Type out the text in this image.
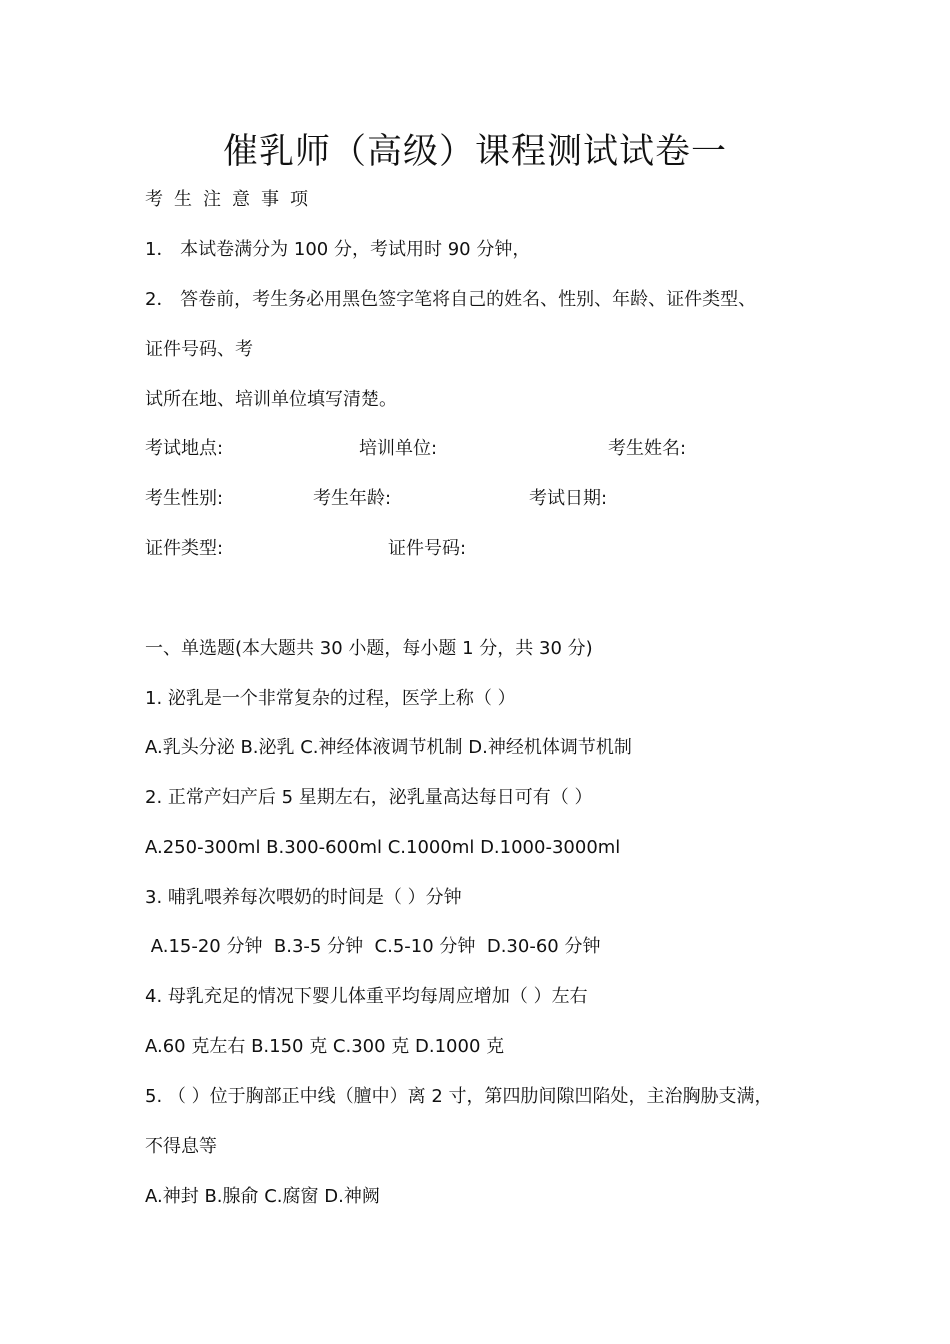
催乳师（高级）课程测试试卷一
考生注意事项
1． 本试卷满分为 100 分，考试用时 90 分钟，
2． 答卷前，考生务必用黑色签字笔将自己的姓名、性别、年龄、证件类型、
证件号码、考
试所在地、培训单位填写清楚。
考试地点:	培训单位:	考生姓名:
考生性别:	考生年龄:	考试日期:
证件类型:	证件号码:
一、单选题(本大题共 30 小题，每小题 1 分，共 30 分)
1. 泌乳是一个非常复杂的过程，医学上称（ ）
A.乳头分泌 B.泌乳 C.神经体液调节机制 D.神经机体调节机制
2. 正常产妇产后 5 星期左右，泌乳量高达每日可有（ ）
A.250-300ml B.300-600ml C.1000ml D.1000-3000ml
3. 哺乳喂养每次喂奶的时间是（ ）分钟
A.15-20 分钟  B.3-5 分钟  C.5-10 分钟  D.30-60 分钟
4. 母乳充足的情况下婴儿体重平均每周应增加（ ）左右
A.60 克左右 B.150 克 C.300 克 D.1000 克
5. （ ）位于胸部正中线（膻中）离 2 寸，第四肋间隙凹陷处，主治胸胁支满，
不得息等
A.神封 B.腺俞 C.腐窗 D.神阙
